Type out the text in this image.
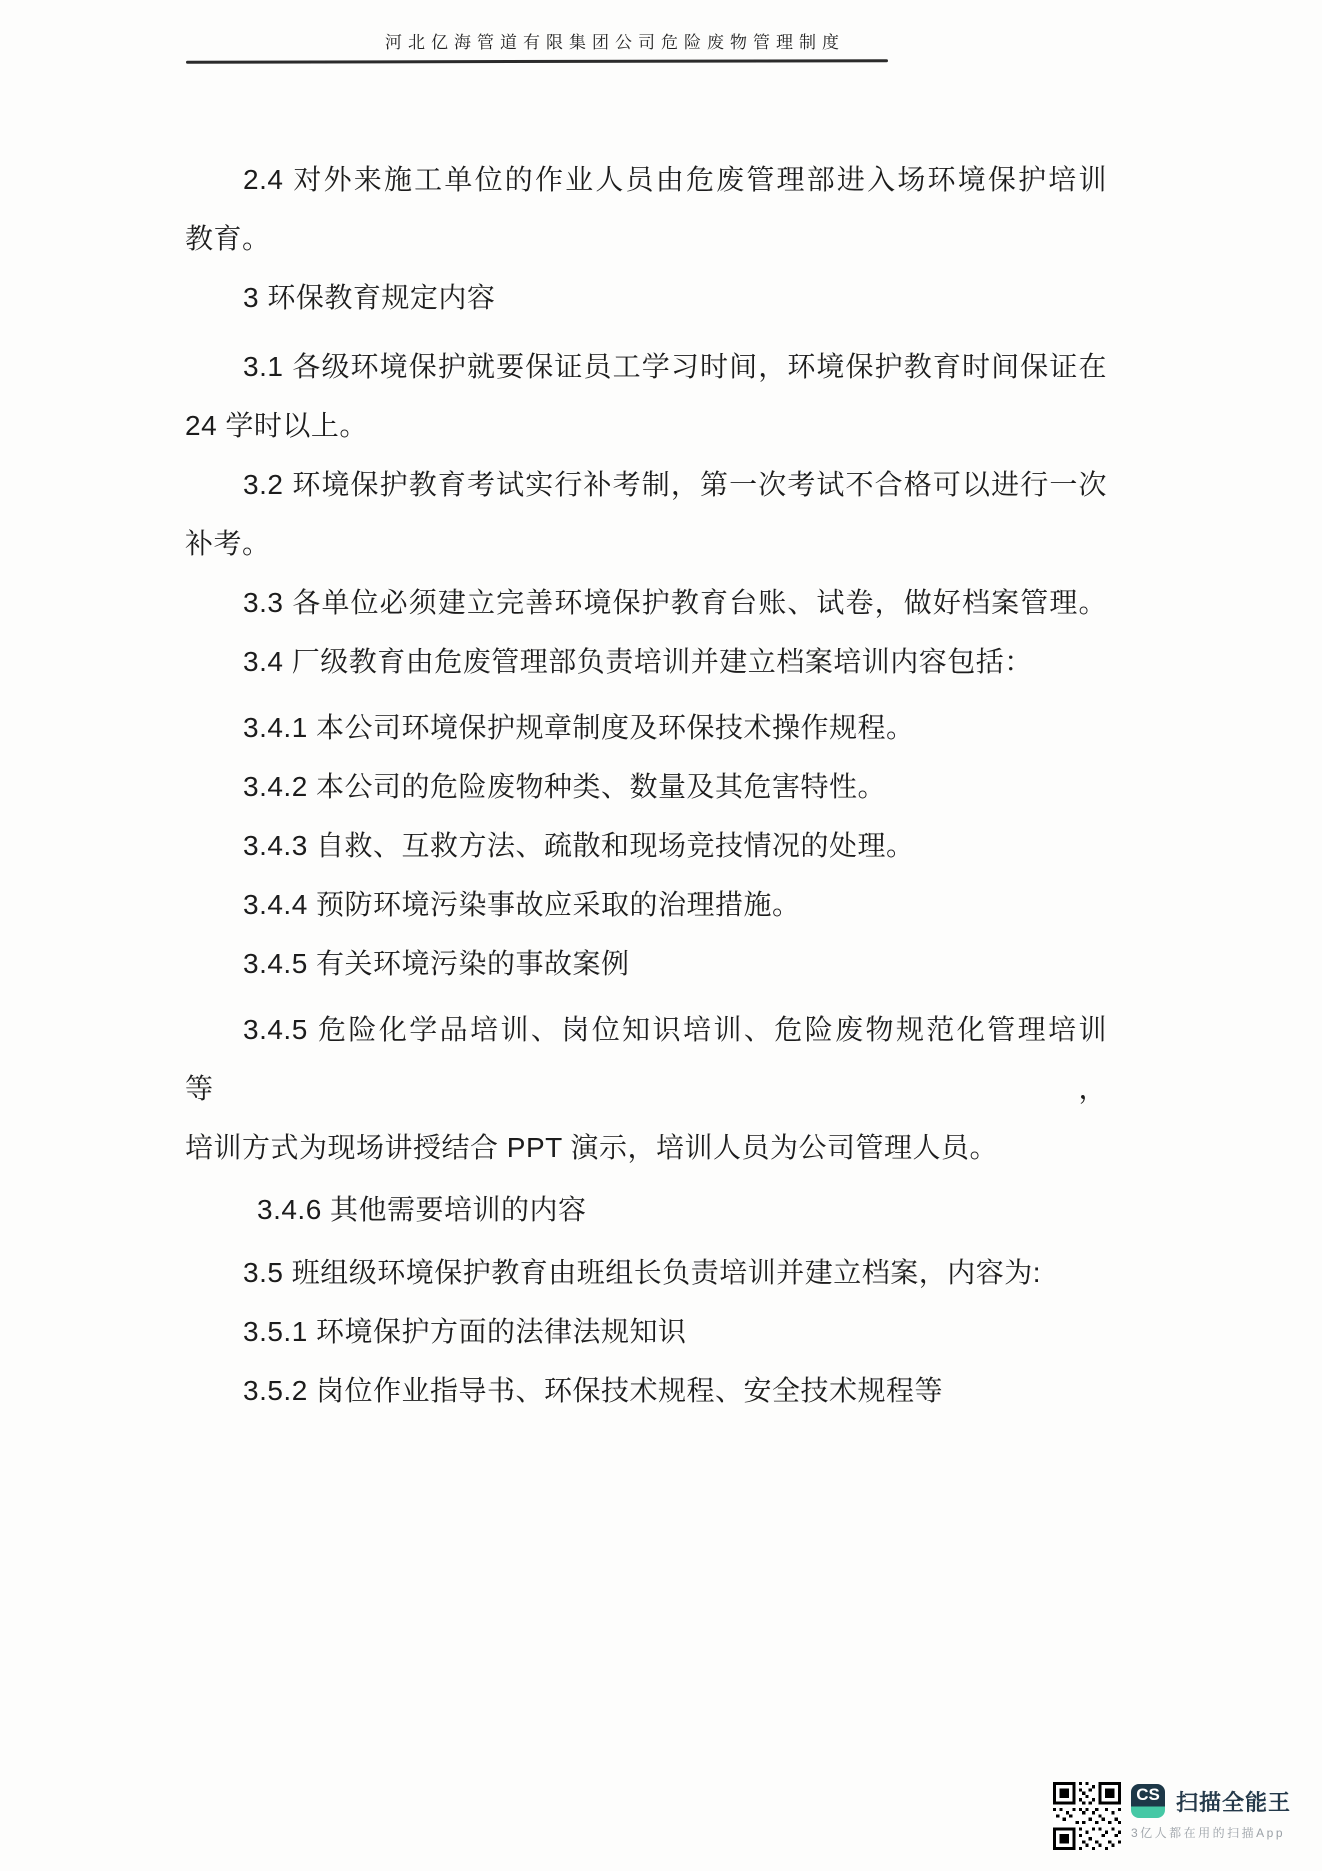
河北亿海管道有限集团公司危险废物管理制度
2.4 对外来施工单位的作业人员由危废管理部进入场环境保护培训
教育。
3 环保教育规定内容
3.1 各级环境保护就要保证员工学习时间，环境保护教育时间保证在
24 学时以上。
3.2 环境保护教育考试实行补考制，第一次考试不合格可以进行一次
补考。
3.3 各单位必须建立完善环境保护教育台账、试卷，做好档案管理。
3.4 厂级教育由危废管理部负责培训并建立档案培训内容包括：
3.4.1 本公司环境保护规章制度及环保技术操作规程。
3.4.2 本公司的危险废物种类、数量及其危害特性。
3.4.3 自救、互救方法、疏散和现场竞技情况的处理。
3.4.4 预防环境污染事故应采取的治理措施。
3.4.5 有关环境污染的事故案例
3.4.5 危险化学品培训、岗位知识培训、危险废物规范化管理培训等，
培训方式为现场讲授结合 PPT 演示，培训人员为公司管理人员。
3.4.6 其他需要培训的内容
3.5 班组级环境保护教育由班组长负责培训并建立档案，内容为:
3.5.1 环境保护方面的法律法规知识
3.5.2 岗位作业指导书、环保技术规程、安全技术规程等
CS 扫描全能王
3亿人都在用的扫描App
